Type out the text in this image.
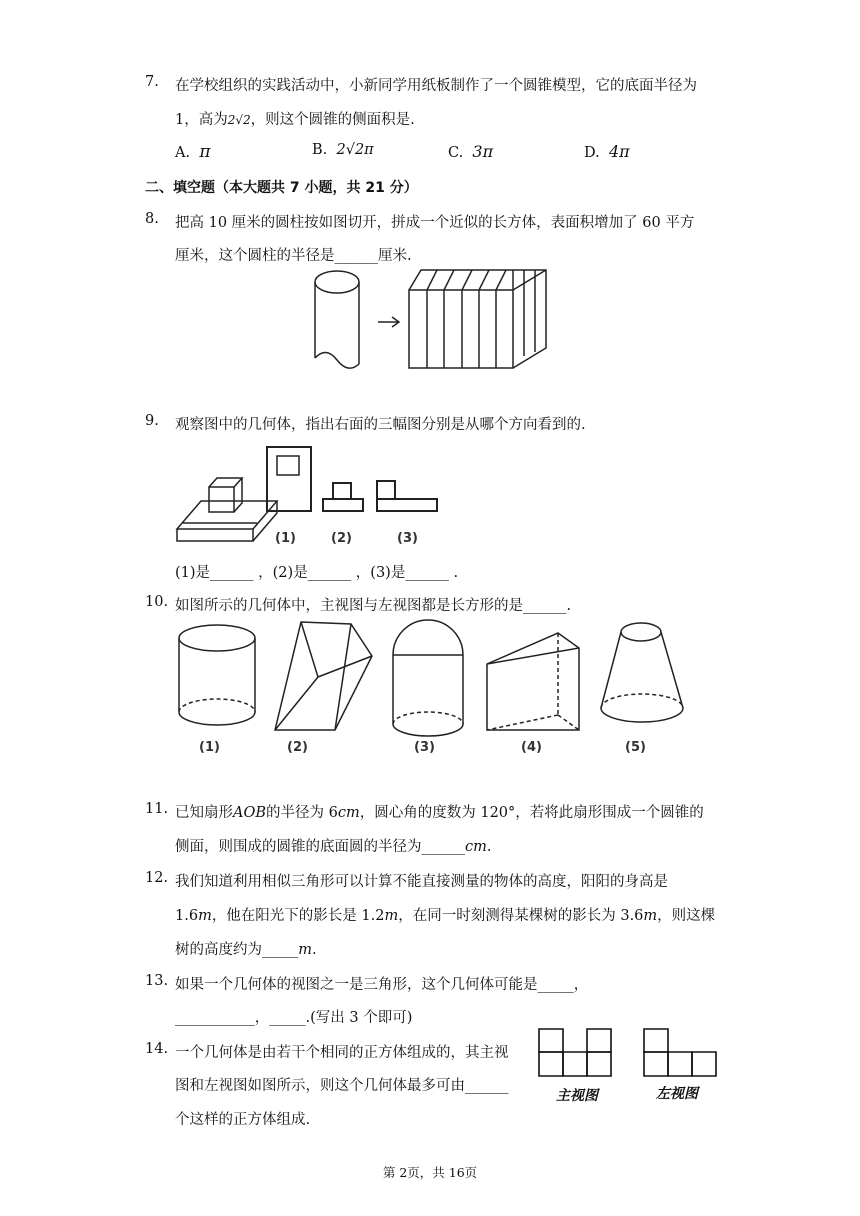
7. 在学校组织的实践活动中，小新同学用纸板制作了一个圆锥模型，它的底面半径为
1，高为2√2，则这个圆锥的侧面积是.
A. π	B. 2√2π	C. 3π	D. 4π
二、填空题（本大题共 7 小题，共 21 分）
8. 把高 10 厘米的圆柱按如图切开，拼成一个近似的长方体，表面积增加了 60 平方
厘米，这个圆柱的半径是______厘米.
9. 观察图中的几何体，指出右面的三幅图分别是从哪个方向看到的.
(1)	(2)	(3)
(1)是______ ，(2)是______ ，(3)是______ .
10. 如图所示的几何体中，主视图与左视图都是长方形的是______.
(1)	(2)	(3)	(4)	(5)
11. 已知扇形AOB的半径为 6cm，圆心角的度数为 120°，若将此扇形围成一个圆锥的
侧面，则围成的圆锥的底面圆的半径为______cm.
12. 我们知道利用相似三角形可以计算不能直接测量的物体的高度，阳阳的身高是
1.6m，他在阳光下的影长是 1.2m，在同一时刻测得某棵树的影长为 3.6m，则这棵
树的高度约为_____m.
13. 如果一个几何体的视图之一是三角形，这个几何体可能是_____，
___________，_____.(写出 3 个即可)
14. 一个几何体是由若干个相同的正方体组成的，其主视
图和左视图如图所示，则这个几何体最多可由______
个这样的正方体组成.
主视图	左视图
第 2页，共 16页
